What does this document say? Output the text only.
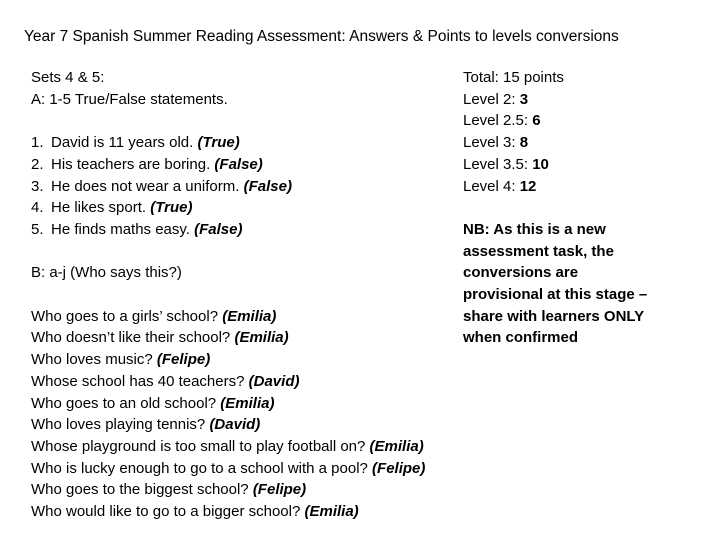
Year 7 Spanish Summer Reading Assessment: Answers & Points to levels conversions
Sets 4 & 5:
A: 1-5 True/False statements.
1. David is 11 years old. (True)
2. His teachers are boring. (False)
3. He does not wear a uniform. (False)
4. He likes sport. (True)
5. He finds maths easy. (False)
B: a-j (Who says this?)
Who goes to a girls’ school? (Emilia)
Who doesn’t like their school? (Emilia)
Who loves music? (Felipe)
Whose school has 40 teachers? (David)
Who goes to an old school? (Emilia)
Who loves playing tennis? (David)
Whose playground is too small to play football on? (Emilia)
Who is lucky enough to go to a school with a pool? (Felipe)
Who goes to the biggest school? (Felipe)
Who would like to go to a bigger school? (Emilia)
Total: 15 points
Level 2: 3
Level 2.5: 6
Level 3: 8
Level 3.5: 10
Level 4: 12
NB: As this is a new assessment task, the conversions are provisional at this stage – share with learners ONLY when confirmed
